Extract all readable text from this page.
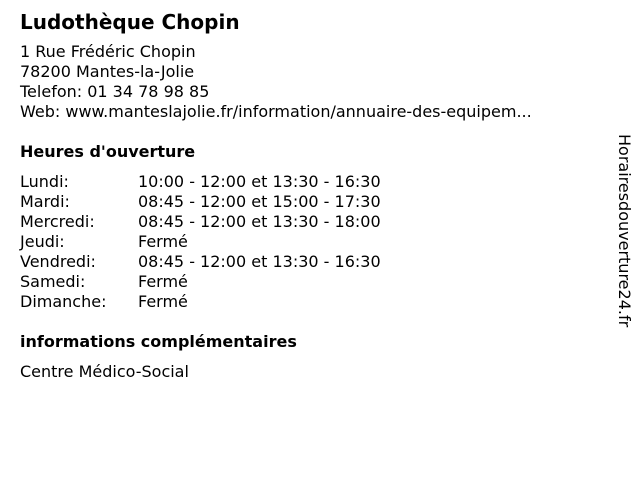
Ludothèque Chopin
1 Rue Frédéric Chopin
78200 Mantes-la-Jolie
Telefon: 01 34 78 98 85
Web: www.manteslajolie.fr/information/annuaire-des-equipem...
Heures d'ouverture
Lundi:	10:00 - 12:00 et 13:30 - 16:30
Mardi:	08:45 - 12:00 et 15:00 - 17:30
Mercredi:	08:45 - 12:00 et 13:30 - 18:00
Jeudi:	Fermé
Vendredi:	08:45 - 12:00 et 13:30 - 16:30
Samedi:	Fermé
Dimanche:	Fermé
informations complémentaires
Centre Médico-Social
Horairesdouverture24.fr
